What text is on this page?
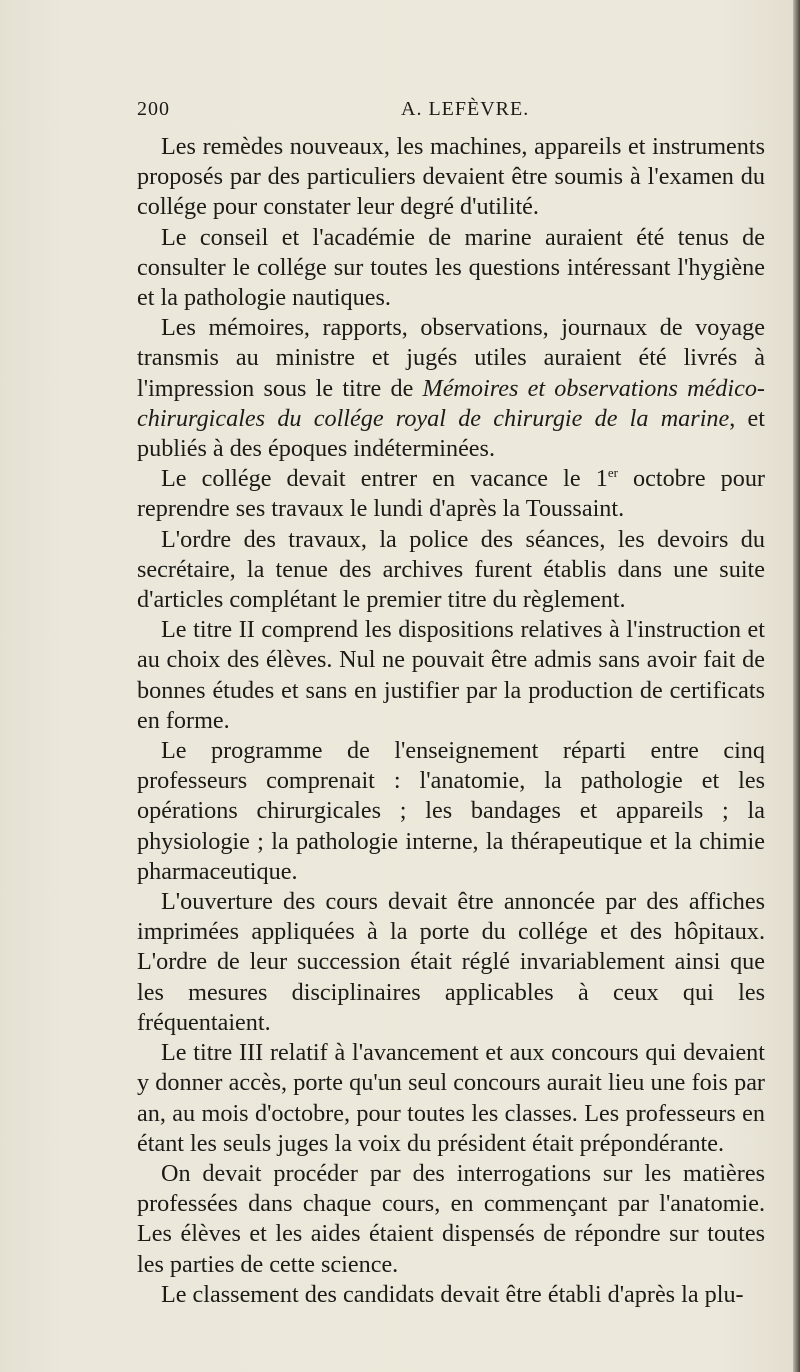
200	A. LEFÈVRE.

Les remèdes nouveaux, les machines, appareils et instruments proposés par des particuliers devaient être soumis à l'examen du collége pour constater leur degré d'utilité.

Le conseil et l'académie de marine auraient été tenus de consulter le collége sur toutes les questions intéressant l'hygiène et la pathologie nautiques.

Les mémoires, rapports, observations, journaux de voyage transmis au ministre et jugés utiles auraient été livrés à l'impression sous le titre de Mémoires et observations médico-chirurgicales du collége royal de chirurgie de la marine, et publiés à des époques indéterminées.

Le collége devait entrer en vacance le 1er octobre pour reprendre ses travaux le lundi d'après la Toussaint.

L'ordre des travaux, la police des séances, les devoirs du secrétaire, la tenue des archives furent établis dans une suite d'articles complétant le premier titre du règlement.

Le titre II comprend les dispositions relatives à l'instruction et au choix des élèves. Nul ne pouvait être admis sans avoir fait de bonnes études et sans en justifier par la production de certificats en forme.

Le programme de l'enseignement réparti entre cinq professeurs comprenait : l'anatomie, la pathologie et les opérations chirurgicales ; les bandages et appareils ; la physiologie ; la pathologie interne, la thérapeutique et la chimie pharmaceutique.

L'ouverture des cours devait être annoncée par des affiches imprimées appliquées à la porte du collége et des hôpitaux. L'ordre de leur succession était réglé invariablement ainsi que les mesures disciplinaires applicables à ceux qui les fréquentaient.

Le titre III relatif à l'avancement et aux concours qui devaient y donner accès, porte qu'un seul concours aurait lieu une fois par an, au mois d'octobre, pour toutes les classes. Les professeurs en étant les seuls juges la voix du président était prépondérante.

On devait procéder par des interrogations sur les matières professées dans chaque cours, en commençant par l'anatomie. Les élèves et les aides étaient dispensés de répondre sur toutes les parties de cette science.

Le classement des candidats devait être établi d'après la plu-
